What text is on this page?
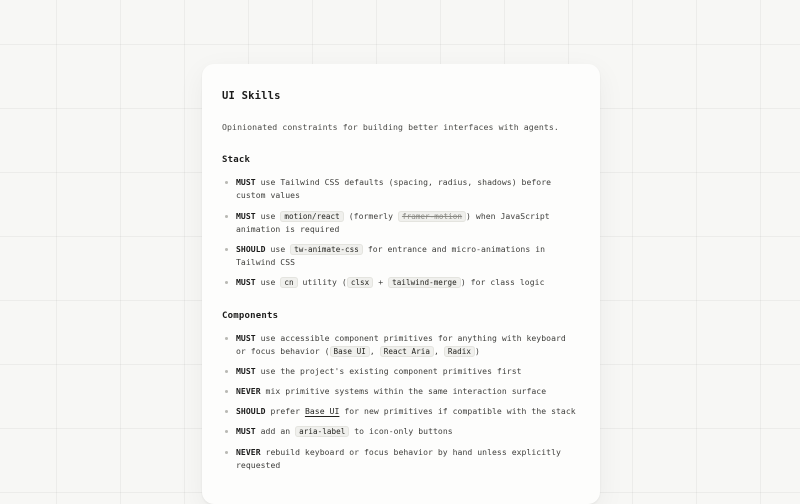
UI Skills

Opinionated constraints for building better interfaces with agents.

Stack
MUST use Tailwind CSS defaults (spacing, radius, shadows) before custom values
MUST use motion/react (formerly framer-motion ) when JavaScript animation is required
SHOULD use tw-animate-css for entrance and micro-animations in Tailwind CSS
MUST use cn utility ( clsx + tailwind-merge ) for class logic
Components
MUST use accessible component primitives for anything with keyboard or focus behavior ( Base UI , React Aria , Radix )
MUST use the project's existing component primitives first
NEVER mix primitive systems within the same interaction surface
SHOULD prefer Base UI for new primitives if compatible with the stack
MUST add an aria-label to icon-only buttons
NEVER rebuild keyboard or focus behavior by hand unless explicitly requested
